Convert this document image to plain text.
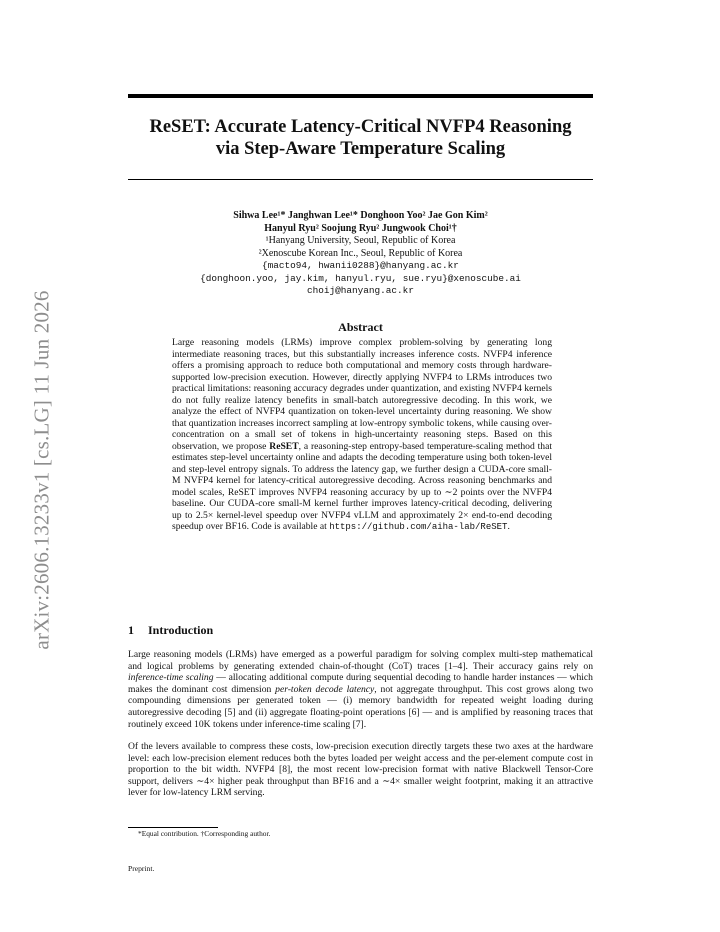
arXiv:2606.13233v1 [cs.LG] 11 Jun 2026
ReSET: Accurate Latency-Critical NVFP4 Reasoning
via Step-Aware Temperature Scaling
Sihwa Lee¹* Janghwan Lee¹* Donghoon Yoo² Jae Gon Kim²
Hanyul Ryu² Soojung Ryu² Jungwook Choi¹†
¹Hanyang University, Seoul, Republic of Korea
²Xenoscube Korean Inc., Seoul, Republic of Korea
{macto94, hwanii0288}@hanyang.ac.kr
{donghoon.yoo, jay.kim, hanyul.ryu, sue.ryu}@xenoscube.ai
choij@hanyang.ac.kr
Abstract
Large reasoning models (LRMs) improve complex problem-solving by generating long intermediate reasoning traces, but this substantially increases inference costs. NVFP4 inference offers a promising approach to reduce both computational and memory costs through hardware-supported low-precision execution. However, directly applying NVFP4 to LRMs introduces two practical limitations: reasoning accuracy degrades under quantization, and existing NVFP4 kernels do not fully realize latency benefits in small-batch autoregressive decoding. In this work, we analyze the effect of NVFP4 quantization on token-level uncertainty during reasoning. We show that quantization increases incorrect sampling at low-entropy symbolic tokens, while causing over-concentration on a small set of tokens in high-uncertainty reasoning steps. Based on this observation, we propose ReSET, a reasoning-step entropy-based temperature-scaling method that estimates step-level uncertainty online and adapts the decoding temperature using both token-level and step-level entropy signals. To address the latency gap, we further design a CUDA-core small-M NVFP4 kernel for latency-critical autoregressive decoding. Across reasoning benchmarks and model scales, ReSET improves NVFP4 reasoning accuracy by up to ∼2 points over the NVFP4 baseline. Our CUDA-core small-M kernel further improves latency-critical decoding, delivering up to 2.5× kernel-level speedup over NVFP4 vLLM and approximately 2× end-to-end decoding speedup over BF16. Code is available at https://github.com/aiha-lab/ReSET.
1 Introduction
Large reasoning models (LRMs) have emerged as a powerful paradigm for solving complex multi-step mathematical and logical problems by generating extended chain-of-thought (CoT) traces [1–4]. Their accuracy gains rely on inference-time scaling — allocating additional compute during sequential decoding to handle harder instances — which makes the dominant cost dimension per-token decode latency, not aggregate throughput. This cost grows along two compounding dimensions per generated token — (i) memory bandwidth for repeated weight loading during autoregressive decoding [5] and (ii) aggregate floating-point operations [6] — and is amplified by reasoning traces that routinely exceed 10K tokens under inference-time scaling [7].
Of the levers available to compress these costs, low-precision execution directly targets these two axes at the hardware level: each low-precision element reduces both the bytes loaded per weight access and the per-element compute cost in proportion to the bit width. NVFP4 [8], the most recent low-precision format with native Blackwell Tensor-Core support, delivers ∼4× higher peak throughput than BF16 and a ∼4× smaller weight footprint, making it an attractive lever for low-latency LRM serving.
*Equal contribution. †Corresponding author.
Preprint.
